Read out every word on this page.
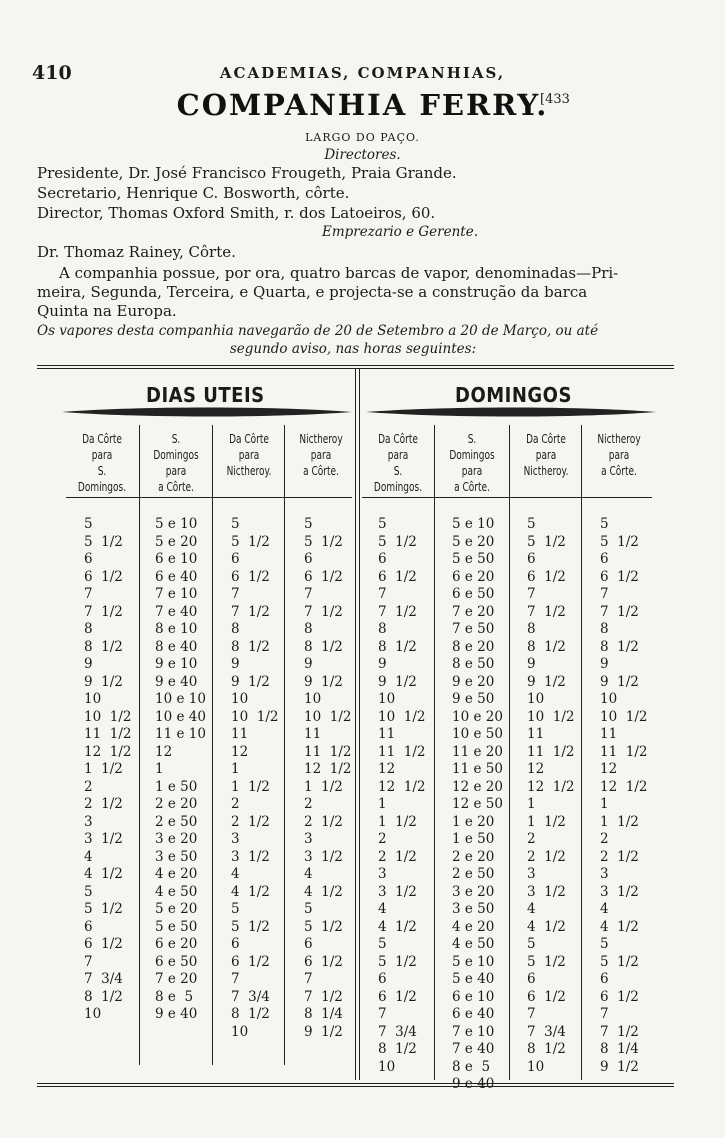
410	ACADEMIAS, COMPANHIAS,
COMPANHIA FERRY.
[433
LARGO DO PAÇO.
Directores.
Presidente, Dr. José Francisco Frougeth, Praia Grande.
Secretario, Henrique C. Bosworth, côrte.
Director, Thomas Oxford Smith, r. dos Latoeiros, 60.
Emprezario e Gerente.
Dr. Thomaz Rainey, Côrte.
A companhia possue, por ora, quatro barcas de vapor, denominadas—Pri-
meira, Segunda, Terceira, e Quarta, e projecta-se a construção da barca
Quinta na Europa.
Os vapores desta companhia navegarão de 20 de Setembro a 20 de Março, ou até
segundo aviso, nas horas seguintes:
DIAS UTEIS	DOMINGOS
Da Côrte
para
S. Domingos.
S. Domingos
para
a Côrte.
Da Côrte
para
Nictheroy.
Nictheroy
para
a Côrte.
Da Côrte
para
S. Domingos.
S. Domingos
para
a Côrte.
Da Côrte
para
Nictheroy.
Nictheroy
para
a Côrte.
5
5  1/2
6
6  1/2
7
7  1/2
8
8  1/2
9
9  1/2
10
10  1/2
11  1/2
12  1/2
1  1/2
2
2  1/2
3
3  1/2
4
4  1/2
5
5  1/2
6
6  1/2
7
7  3/4
8  1/2
10
5 e 10
5 e 20
6 e 10
6 e 40
7 e 10
7 e 40
8 e 10
8 e 40
9 e 10
9 e 40
10 e 10
10 e 40
11 e 10
12
1
1 e 50
2 e 20
2 e 50
3 e 20
3 e 50
4 e 20
4 e 50
5 e 20
5 e 50
6 e 20
6 e 50
7 e 20
8 e  5
9 e 40
5
5  1/2
6
6  1/2
7
7  1/2
8
8  1/2
9
9  1/2
10
10  1/2
11
12
1
1  1/2
2
2  1/2
3
3  1/2
4
4  1/2
5
5  1/2
6
6  1/2
7
7  3/4
8  1/2
10
5
5  1/2
6
6  1/2
7
7  1/2
8
8  1/2
9
9  1/2
10
10  1/2
11
11  1/2
12  1/2
1  1/2
2
2  1/2
3
3  1/2
4
4  1/2
5
5  1/2
6
6  1/2
7
7  1/2
8  1/4
9  1/2
5
5  1/2
6
6  1/2
7
7  1/2
8
8  1/2
9
9  1/2
10
10  1/2
11
11  1/2
12
12  1/2
1
1  1/2
2
2  1/2
3
3  1/2
4
4  1/2
5
5  1/2
6
6  1/2
7
7  3/4
8  1/2
10
5 e 10
5 e 20
5 e 50
6 e 20
6 e 50
7 e 20
7 e 50
8 e 20
8 e 50
9 e 20
9 e 50
10 e 20
10 e 50
11 e 20
11 e 50
12 e 20
12 e 50
1 e 20
1 e 50
2 e 20
2 e 50
3 e 20
3 e 50
4 e 20
4 e 50
5 e 10
5 e 40
6 e 10
6 e 40
7 e 10
7 e 40
8 e  5
9 e 40
5
5  1/2
6
6  1/2
7
7  1/2
8
8  1/2
9
9  1/2
10
10  1/2
11
11  1/2
12
12  1/2
1
1  1/2
2
2  1/2
3
3  1/2
4
4  1/2
5
5  1/2
6
6  1/2
7
7  3/4
8  1/2
10
5
5  1/2
6
6  1/2
7
7  1/2
8
8  1/2
9
9  1/2
10
10  1/2
11
11  1/2
12
12  1/2
1
1  1/2
2
2  1/2
3
3  1/2
4
4  1/2
5
5  1/2
6
6  1/2
7
7  1/2
8  1/4
9  1/2
